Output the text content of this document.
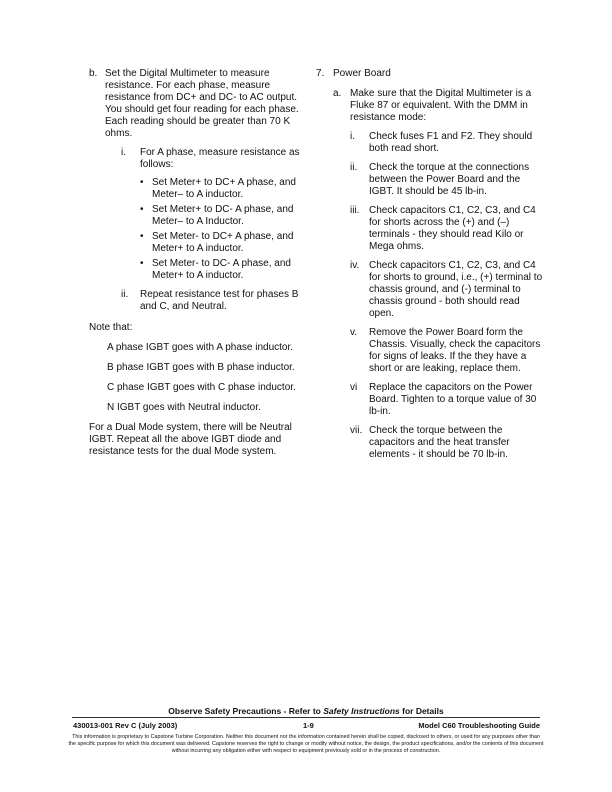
b. Set the Digital Multimeter to measure resistance. For each phase, measure resistance from DC+ and DC- to AC output. You should get four reading for each phase. Each reading should be greater than 70 K ohms.

i.	For A phase, measure resistance as follows:

• Set Meter+ to DC+ A phase, and Meter– to A inductor.
• Set Meter+ to DC- A phase, and Meter– to A Inductor.
• Set Meter- to DC+ A phase, and Meter+ to A inductor.
• Set Meter- to DC- A phase, and Meter+ to A inductor.
ii.	Repeat resistance test for phases B and C, and Neutral.

Note that:

A phase IGBT goes with A phase inductor.

B phase IGBT goes with B phase inductor.

C phase IGBT goes with C phase inductor.

N IGBT goes with Neutral inductor.

For a Dual Mode system, there will be Neutral IGBT. Repeat all the above IGBT diode and resistance tests for the dual Mode system.

7. Power Board
a. Make sure that the Digital Multimeter is a Fluke 87 or equivalent. With the DMM in resistance mode:

i.	Check fuses F1 and F2. They should both read short.
ii.	Check the torque at the connections between the Power Board and the IGBT. It should be 45 lb-in.
iii. Check capacitors C1, C2, C3, and C4 for shorts across the (+) and (–) terminals - they should read Kilo or Mega ohms.
iv. Check capacitors C1, C2, C3, and C4 for shorts to ground, i.e., (+) terminal to chassis ground, and (-) terminal to chassis ground - both should read open.
v.	Remove the Power Board form the Chassis. Visually, check the capacitors for signs of leaks. If the they have a short or are leaking, replace them.
vi	Replace the capacitors on the Power Board. Tighten to a torque value of 30 lb-in.
vii. Check the torque between the capacitors and the heat transfer elements - it should be 70 lb-in.
Observe Safety Precautions - Refer to Safety Instructions for Details
430013-001 Rev C (July 2003)	1-9	Model C60 Troubleshooting Guide
This information is proprietary to Capstone Turbine Corporation. Neither this document nor the information contained herein shall be copied, disclosed to others, or used for any purposes other than the specific purpose for which this document was delivered. Capstone reserves the right to change or modify without notice, the design, the product specifications, and/or the contents of this document without incurring any obligation either with respect to equipment previously sold or in the process of construction.
